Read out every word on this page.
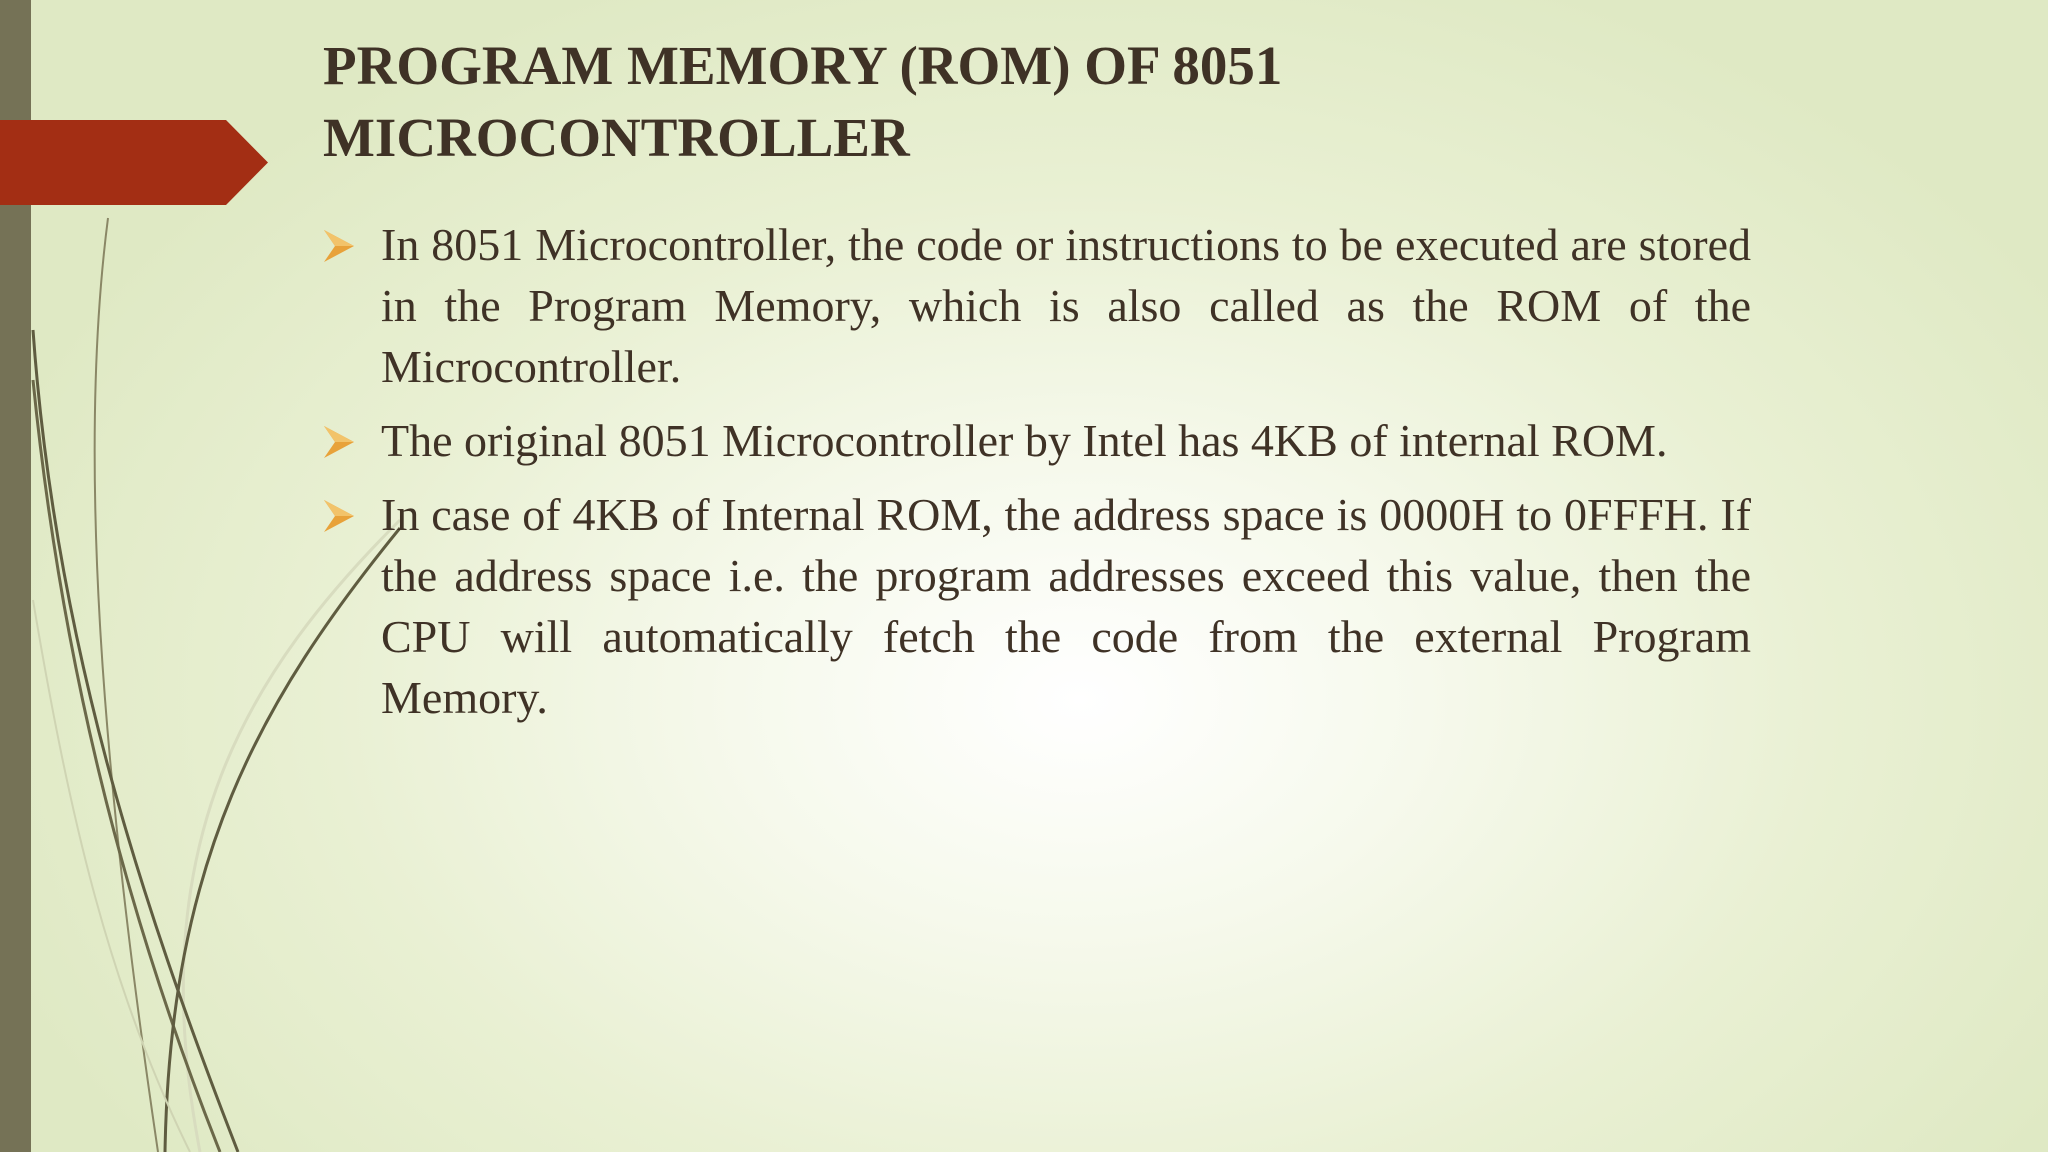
PROGRAM MEMORY (ROM) OF 8051 MICROCONTROLLER
In 8051 Microcontroller, the code or instructions to be executed are stored in the Program Memory, which is also called as the ROM of the Microcontroller.
The original 8051 Microcontroller by Intel has 4KB of internal ROM.
In case of 4KB of Internal ROM, the address space is 0000H to 0FFFH. If the address space i.e. the program addresses exceed this value, then the CPU will automatically fetch the code from the external Program Memory.
